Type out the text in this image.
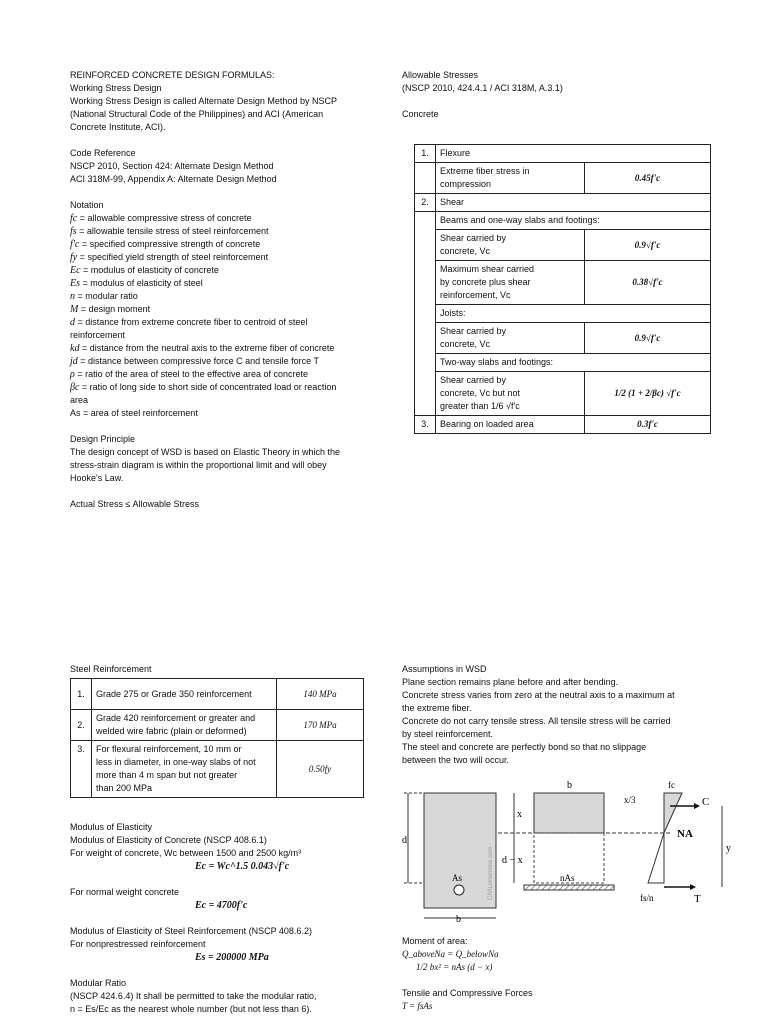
REINFORCED CONCRETE DESIGN FORMULAS:

Working Stress Design

Working Stress Design is called Alternate Design Method by NSCP

(National Structural Code of the Philippines) and ACI (American

Concrete Institute, ACI).

Code Reference

NSCP 2010, Section 424: Alternate Design Method

ACI 318M-99, Appendix A: Alternate Design Method

Notation

fc = allowable compressive stress of concrete

fs = allowable tensile stress of steel reinforcement

f'c = specified compressive strength of concrete

fy = specified yield strength of steel reinforcement

Ec = modulus of elasticity of concrete

Es = modulus of elasticity of steel

n = modular ratio

M = design moment

d = distance from extreme concrete fiber to centroid of steel

reinforcement

kd = distance from the neutral axis to the extreme fiber of concrete

jd = distance between compressive force C and tensile force T

ρ = ratio of the area of steel to the effective area of concrete

βc = ratio of long side to short side of concentrated load or reaction

area

As = area of steel reinforcement

Design Principle

The design concept of WSD is based on Elastic Theory in which the

stress-strain diagram is within the proportional limit and will obey

Hooke's Law.

Actual Stress ≤ Allowable Stress

Allowable Stresses

(NSCP 2010, 424.4.1 / ACI 318M, A.3.1)

Concrete

1.	Flexure	
	Extreme fiber stress in
compression	0.45f'c
2.	Shear	
	Beams and one-way slabs and footings:	
	Shear carried by
concrete, Vc	0.9√f'c
	Maximum shear carried
by concrete plus shear
reinforcement, Vc	0.38√f'c
	Joists:	
	Shear carried by
concrete, Vc	0.9√f'c
	Two-way slabs and footings:	
	Shear carried by
concrete, Vc but not
greater than 1/6 √f'c	1/2 (1 + 2/βc) √f'c
3.	Bearing on loaded area	0.3f'c

Steel Reinforcement

1.	Grade 275 or Grade 350 reinforcement	140 MPa
2.	Grade 420 reinforcement or greater and
welded wire fabric (plain or deformed)	170 MPa
3.	For flexural reinforcement, 10 mm or
less in diameter, in one-way slabs of not
more than 4 m span but not greater
than 200 MPa	0.50fy

Modulus of Elasticity

Modulus of Elasticity of Concrete (NSCP 408.6.1)

For weight of concrete, Wc between 1500 and 2500 kg/m³

Ec = Wc^1.5 0.043√f'c

For normal weight concrete

Ec = 4700f'c

Modulus of Elasticity of Steel Reinforcement (NSCP 408.6.2)

For nonprestressed reinforcement

Es = 200000 MPa

Modular Ratio

(NSCP 424.6.4) It shall be permitted to take the modular ratio,

n = Es/Ec as the nearest whole number (but not less than 6).

Assumptions in WSD

Plane section remains plane before and after bending.

Concrete stress varies from zero at the neutral axis to a maximum at

the extreme fiber.

Concrete do not carry tensile stress. All tensile stress will be carried

by steel reinforcement.

The steel and concrete are perfectly bond so that no slippage

between the two will occur.

As	CIVILreference.com
d
b
b
nAs
x
d − x
fc
x/3	C
NA
fs/n	T
y

Moment of area:

Q_aboveNa = Q_belowNa

1/2 bx² = nAs (d − x)

Tensile and Compressive Forces

T = fsAs
